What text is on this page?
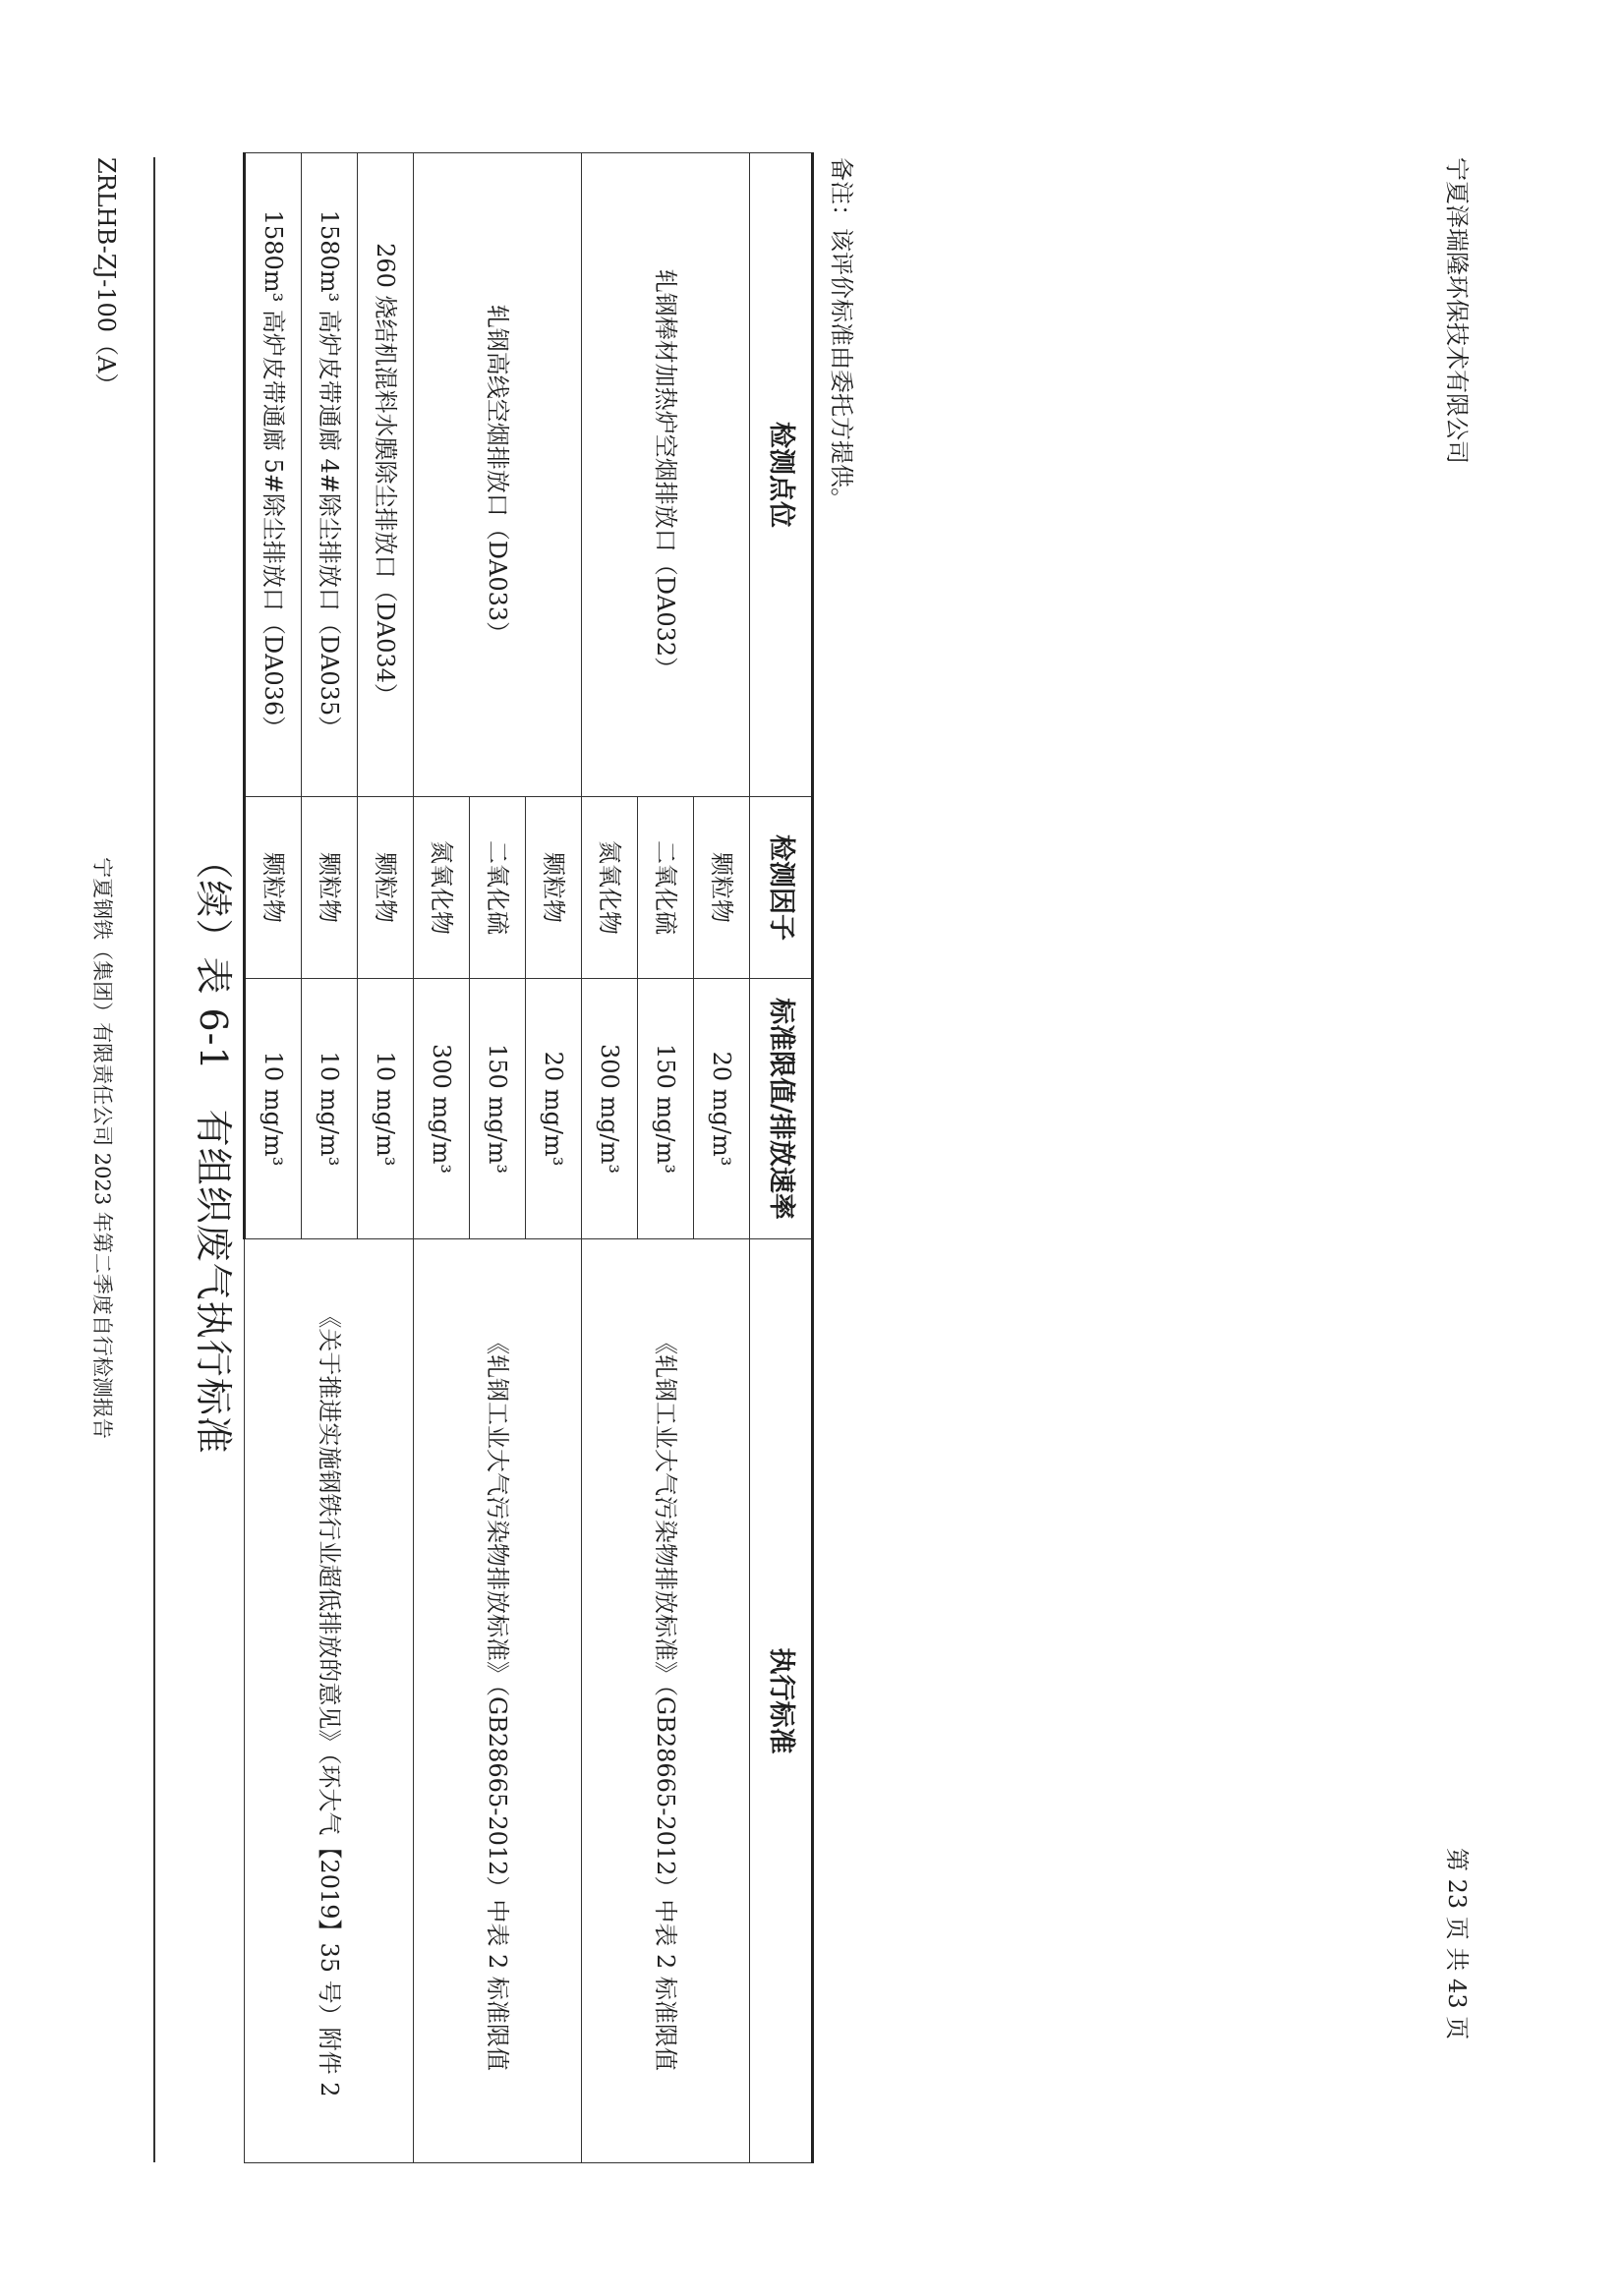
宁夏钢铁（集团）有限责任公司 2023 年第二季度自行检测报告
ZRLHB-ZJ-100（A）
（续）表 6-1　有组织废气执行标准
检测点位	检测因子	标准限值/排放速率	执行标准
轧钢棒材加热炉空烟排放口（DA032）	颗粒物	20 mg/m³	《轧钢工业大气污染物排放标准》（GB28665-2012）中表 2 标准限值
	二氧化硫	150 mg/m³	
	氮氧化物	300 mg/m³	
轧钢高线空烟排放口（DA033）	颗粒物	20 mg/m³	《轧钢工业大气污染物排放标准》（GB28665-2012）中表 2 标准限值
	二氧化硫	150 mg/m³	
	氮氧化物	300 mg/m³	
260 烧结机混料水膜除尘排放口（DA034）	颗粒物	10 mg/m³	《关于推进实施钢铁行业超低排放的意见》（环大气【2019】35 号）附件 2
1580m³ 高炉皮带通廊 4#除尘排放口（DA035）	颗粒物	10 mg/m³	
1580m³ 高炉皮带通廊 5#除尘排放口（DA036）	颗粒物	10 mg/m³	
备注：该评价标准由委托方提供。	宁夏泽瑞隆环保技术有限公司
第 23 页 共 43 页
